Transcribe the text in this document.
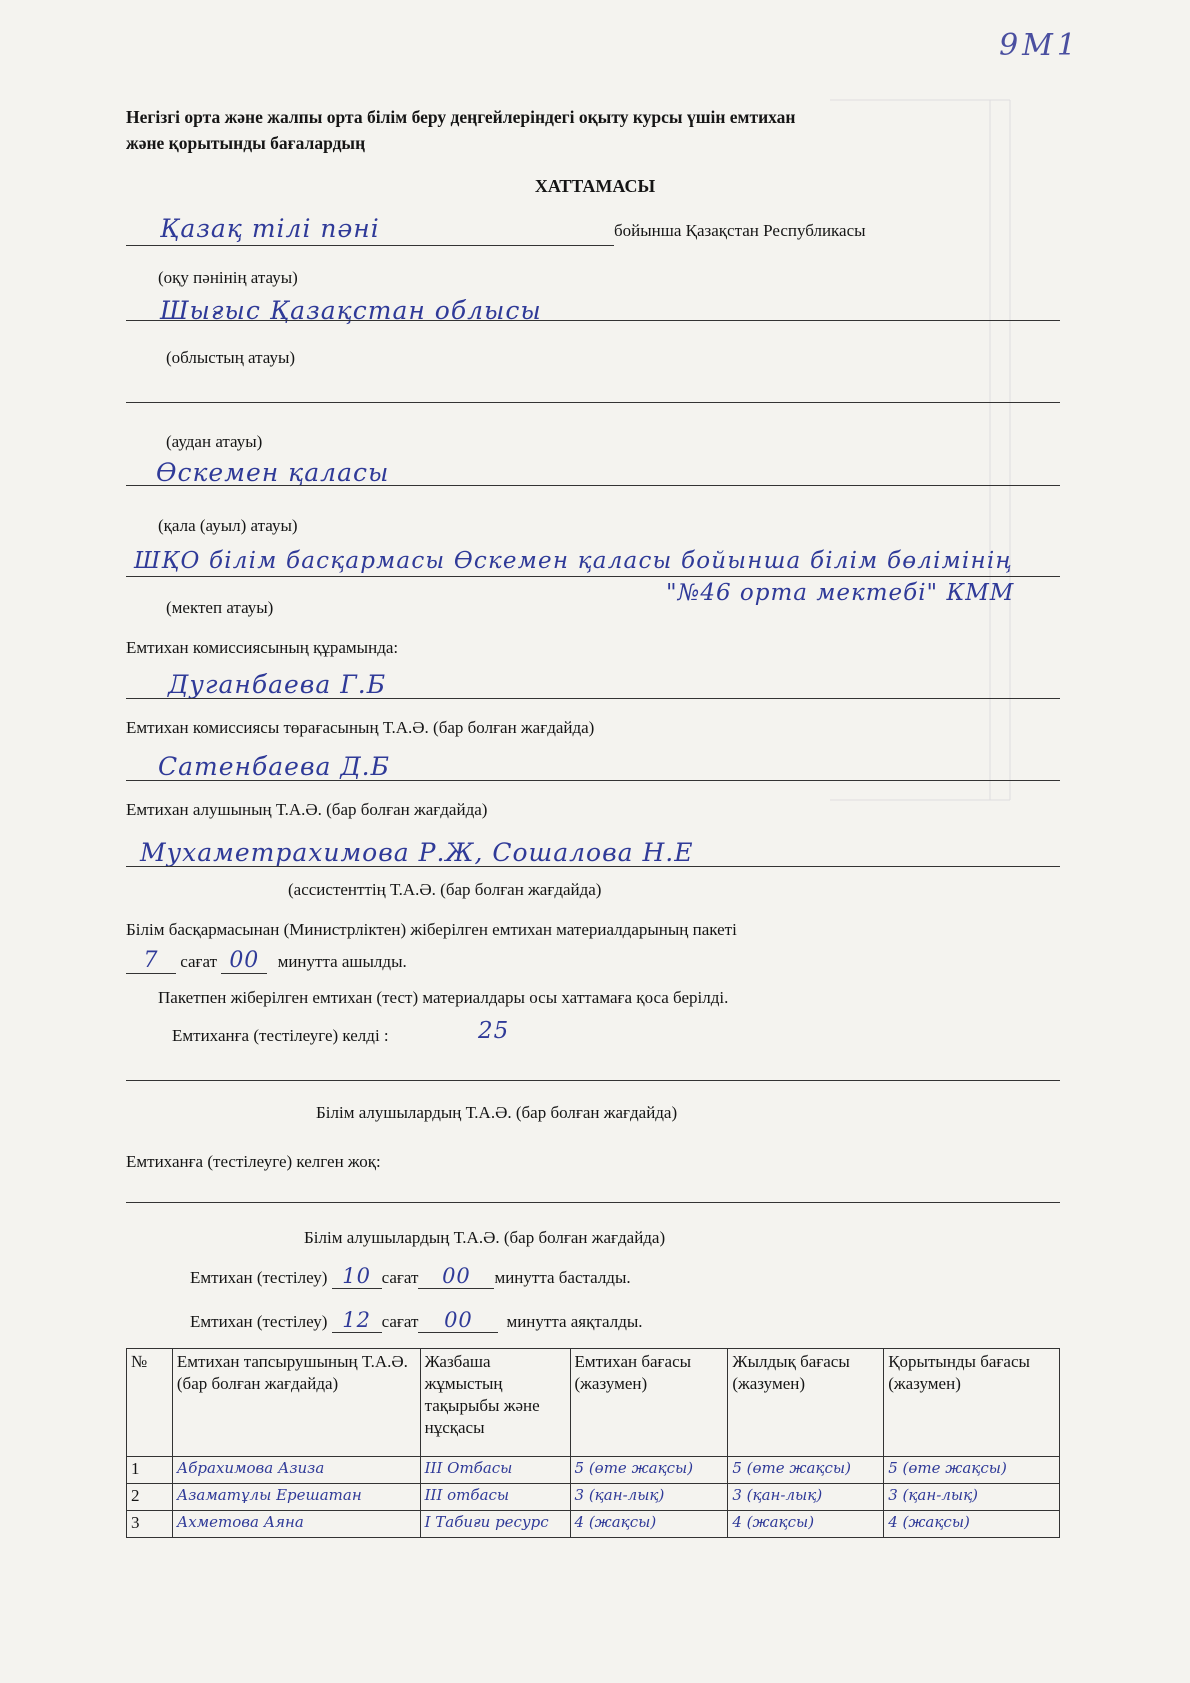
9М1
Негізгі орта және жалпы орта білім беру деңгейлеріндегі оқыту курсы үшін емтихан
және қорытынды бағалардың
ХАТТАМАСЫ
Қазақ тілі пәні	бойынша Қазақстан Республикасы
(оқу пәнінің атауы)
Шығыс Қазақстан облысы
(облыстың атауы)
(аудан атауы)
Өскемен қаласы
(қала (ауыл) атауы)
ШҚО білім басқармасы Өскемен қаласы бойынша білім бөлімінің
"№46 орта мектебі" КММ
(мектеп атауы)
Емтихан комиссиясының құрамында:
Дуганбаева Г.Б
Емтихан комиссиясы төрағасының Т.А.Ә. (бар болған жағдайда)
Сатенбаева Д.Б
Емтихан алушының Т.А.Ә. (бар болған жағдайда)
Мухаметрахимова Р.Ж, Сошалова Н.Е
(ассистенттің Т.А.Ә. (бар болған жағдайда)
Білім басқармасынан (Министрліктен) жіберілген емтихан материалдарының пакеті
7 сағат 00 минутта ашылды.
Пакетпен жіберілген емтихан (тест) материалдары осы хаттамаға қоса берілді.
Емтиханға (тестілеуге) келді :	25
Білім алушылардың Т.А.Ә. (бар болған жағдайда)
Емтиханға (тестілеуге) келген жоқ:
Білім алушылардың Т.А.Ә. (бар болған жағдайда)
Емтихан (тестілеу) 10 сағат 00 минутта басталды.
Емтихан (тестілеу) 12 сағат 00 минутта аяқталды.
№	Емтихан тапсырушының Т.А.Ә. (бар болған жағдайда)	Жазбаша жұмыстың тақырыбы және нұсқасы	Емтихан бағасы (жазумен)	Жылдық бағасы (жазумен)	Қорытынды бағасы (жазумен)
1	Абрахимова Азиза	III Отбасы	5 (өте жақсы)	5 (өте жақсы)	5 (өте жақсы)
2	Азаматұлы Ерешатан	III отбасы	3 (қан-лық)	3 (қан-лық)	3 (қан-лық)
3	Ахметова Аяна	I Табиғи ресурс	4 (жақсы)	4 (жақсы)	4 (жақсы)
